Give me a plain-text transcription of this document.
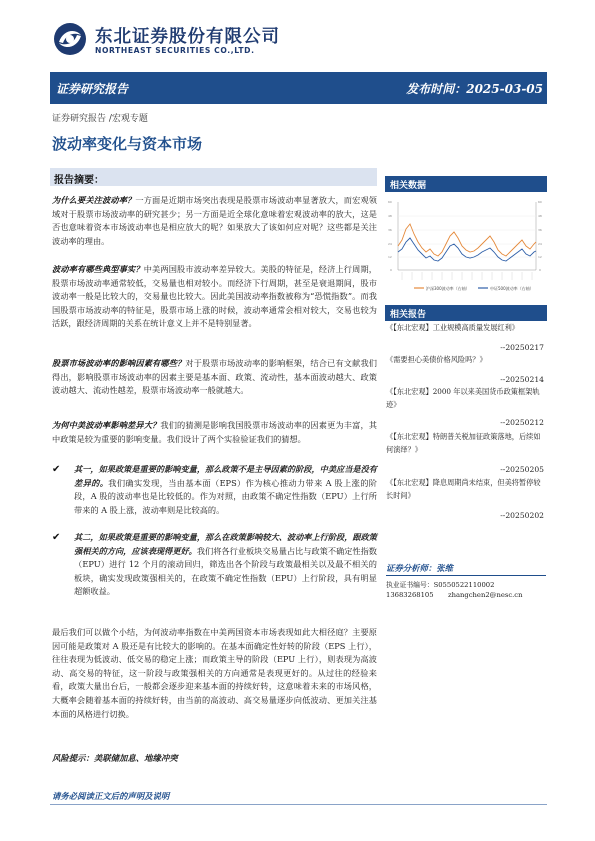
东北证券股份有限公司
NORTHEAST SECURITIES CO.,LTD.
证券研究报告	发布时间：2025-03-05
证券研究报告 /宏观专题
波动率变化与资本市场
报告摘要：

为什么要关注波动率？一方面是近期市场突出表现是股票市场波动率显著放大，而宏观领域对于股票市场波动率的研究甚少；另一方面是近全球化意味着宏观波动率的放大，这是否也意味着资本市场波动率也是相应放大的呢？如果放大了该如何应对呢？这些都是关注波动率的理由。

波动率有哪些典型事实？中美两国股市波动率差异较大。美股的特征是，经济上行周期，股票市场波动率通常较低，交易量也相对较小。而经济下行周期，甚至是衰退期间，股市波动率一般是比较大的，交易量也比较大。因此美国波动率指数被称为“恐慌指数”。而我国股票市场波动率的特征是，股票市场上涨的时候，波动率通常会相对较大，交易也较为活跃，跟经济周期的关系在统计意义上并不是特别显著。

股票市场波动率的影响因素有哪些？对于股票市场波动率的影响框架，结合已有文献我们得出，影响股票市场波动率的因素主要是基本面、政策、流动性，基本面波动越大、政策波动越大、流动性越差，股票市场波动率一般就越大。

为何中美波动率影响差异大？我们的猜测是影响我国股票市场波动率的因素更为丰富，其中政策是较为重要的影响变量。我们设计了两个实验验证我们的猜想。

✔ 其一，如果政策是重要的影响变量，那么政策不是主导因素的阶段，中美应当是没有差异的。我们确实发现，当由基本面（EPS）作为核心推动力带来 A 股上涨的阶段，A 股的波动率也是比较低的。作为对照，由政策不确定性指数（EPU）上行所带来的 A 股上涨，波动率则是比较高的。
✔ 其二，如果政策是重要的影响变量，那么在政策影响较大、波动率上行阶段，跟政策强相关的方向，应该表现得更好。我们将各行业板块交易量占比与政策不确定性指数（EPU）进行 12 个月的滚动回归，筛选出各个阶段与政策最相关以及最不相关的板块，确实发现政策强相关的，在政策不确定性指数（EPU）上行阶段，具有明显超额收益。

最后我们可以做个小结，为何波动率指数在中美两国资本市场表现如此大相径庭？主要原因可能是政策对 A 股还是有比较大的影响的。在基本面确定性好转的阶段（EPS 上行），往往表现为低波动、低交易的稳定上涨；而政策主导的阶段（EPU 上行），则表现为高波动、高交易的特征，这一阶段与政策强相关的方向通常是表现更好的。从过往的经验来看，政策大量出台后，一般都会逐步迎来基本面的持续好转，这意味着未来的市场风格，大概率会随着基本面的持续好转，由当前的高波动、高交易量逐步向低波动、更加关注基本面的风格进行切换。

风险提示：美联储加息、地缘冲突
请务必阅读正文后的声明及说明
相关数据
60
48
36
24
12
0
60
48
36
24
12
0
沪深300波动率（右轴）	中证500波动率（右轴）
相关报告
《【东北宏观】工业规模高质量发展红利》
--20250217
《需要担心美债价格风险吗？》
--20250214
《【东北宏观】2000 年以来美国货币政策框架轨迹》
--20250212
《【东北宏观】特朗普关税加征政策落地，后续如何演绎？》
--20250205
《【东北宏观】降息周期尚未结束，但美将暂停较长时间》
--20250202
证券分析师：张维
执业证书编号：S0550522110002
13683268105 zhangchen2@nesc.cn
